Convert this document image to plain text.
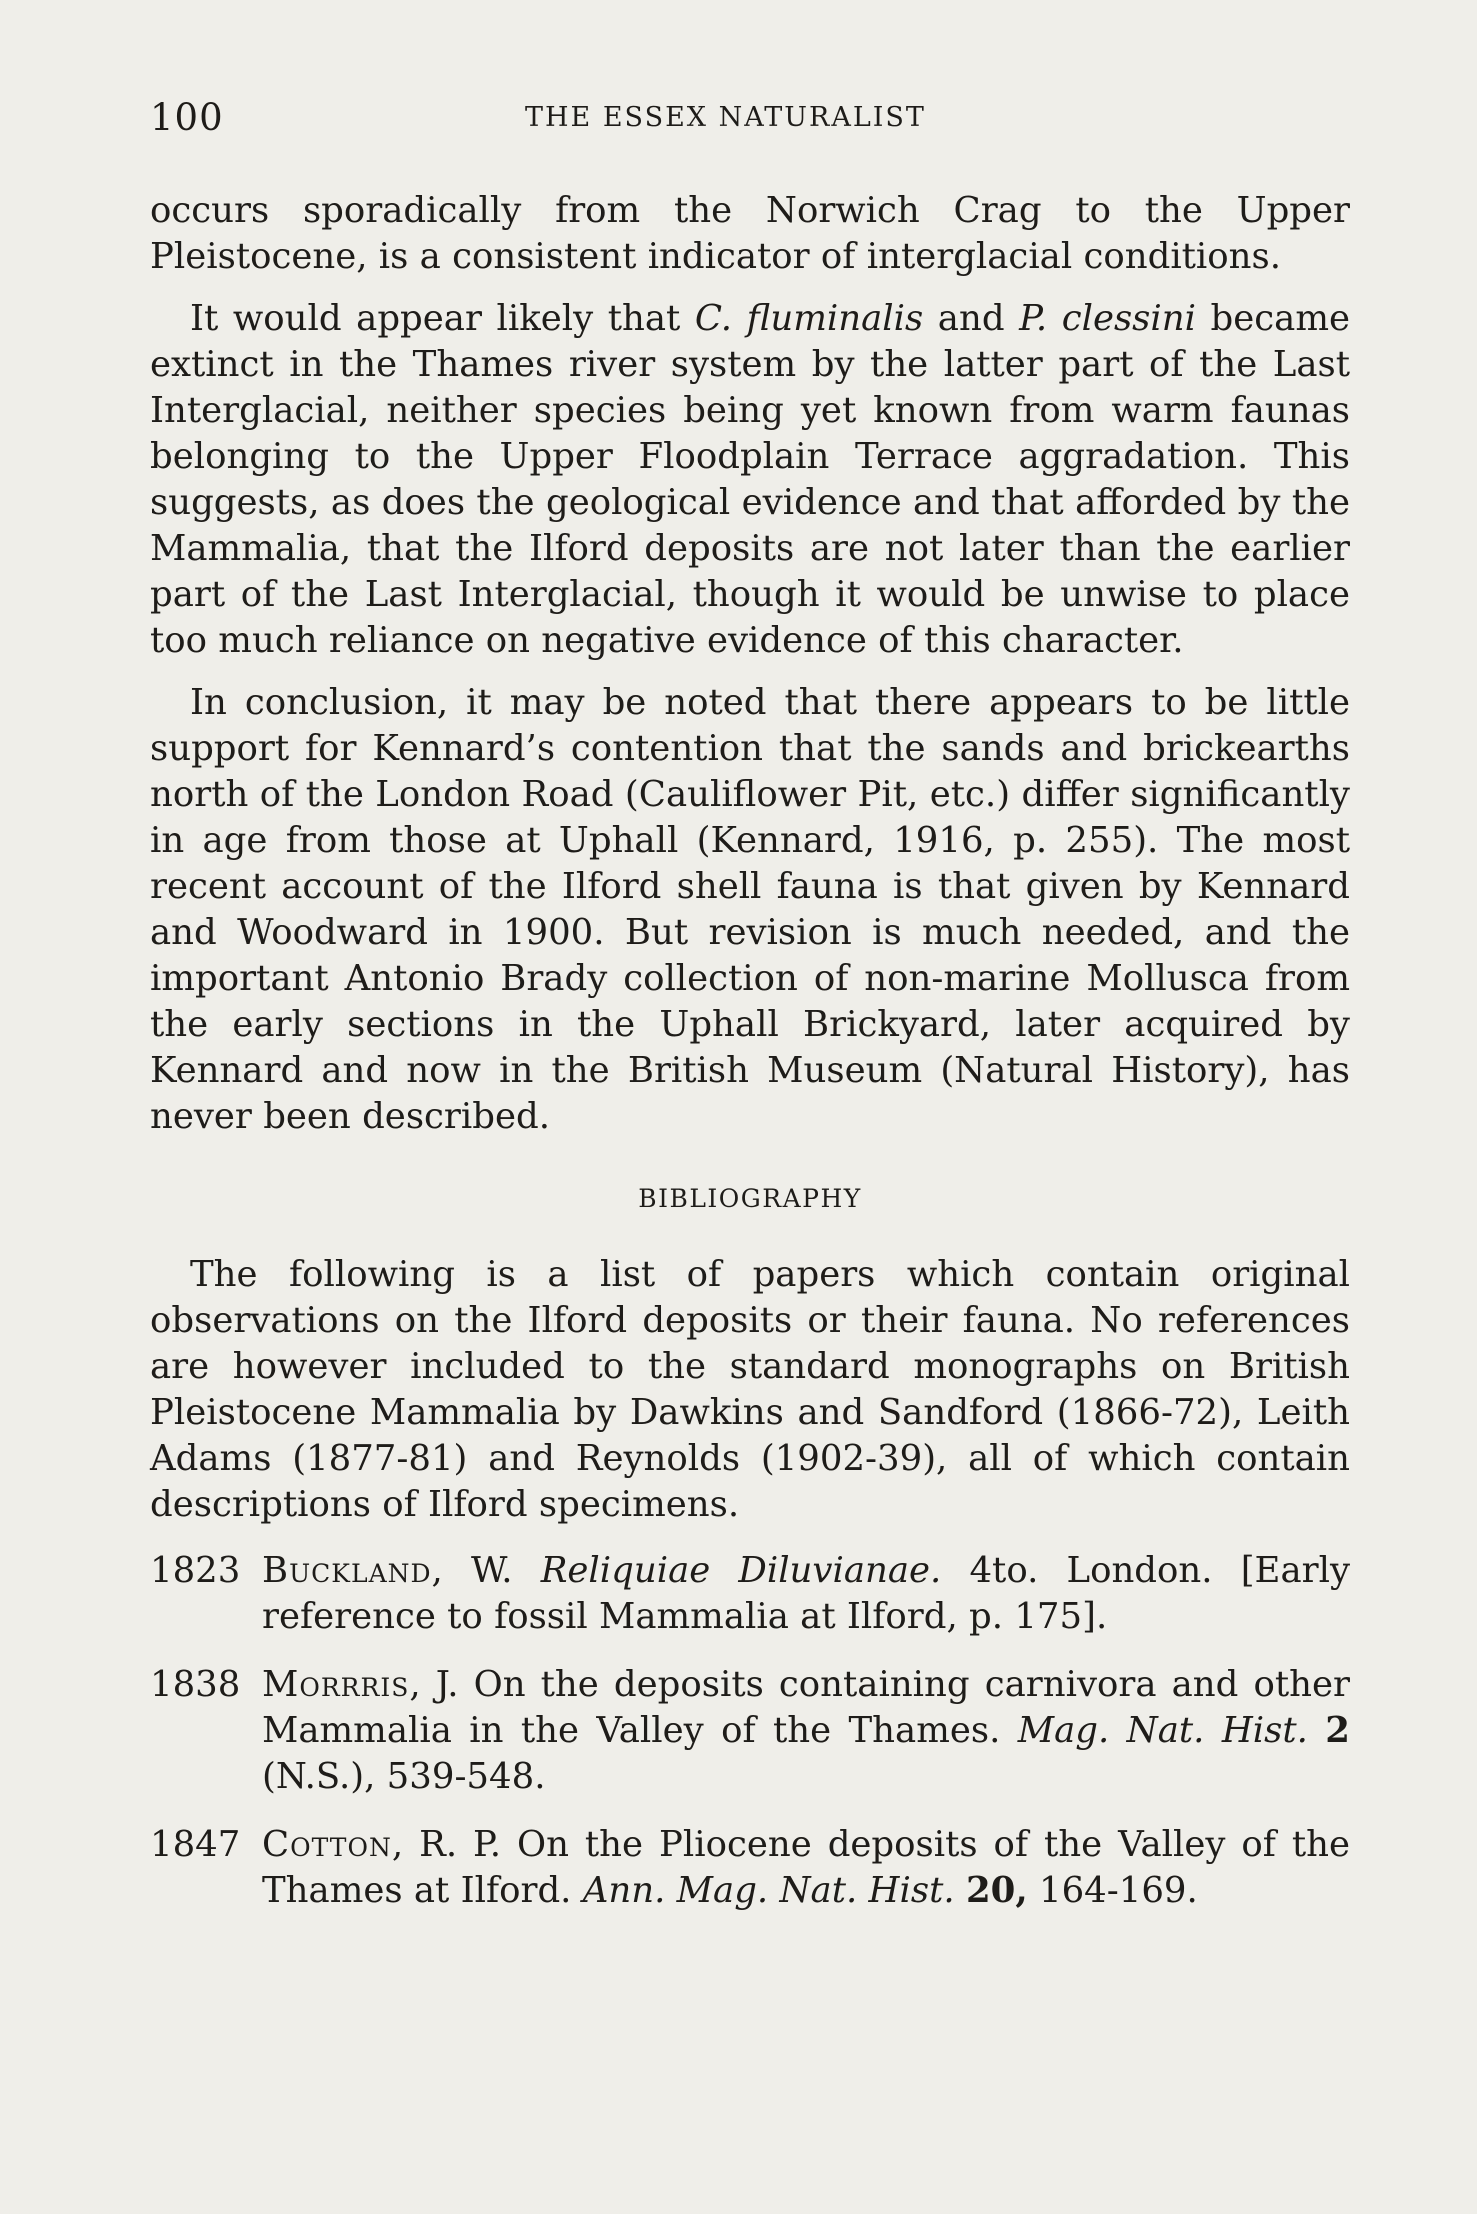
100	THE ESSEX NATURALIST

occurs sporadically from the Norwich Crag to the Upper Pleistocene, is a consistent indicator of interglacial conditions.

It would appear likely that C. fluminalis and P. clessini became extinct in the Thames river system by the latter part of the Last Interglacial, neither species being yet known from warm faunas belonging to the Upper Floodplain Terrace aggradation. This suggests, as does the geological evidence and that afforded by the Mammalia, that the Ilford deposits are not later than the earlier part of the Last Interglacial, though it would be unwise to place too much reliance on negative evidence of this character.

In conclusion, it may be noted that there appears to be little support for Kennard’s contention that the sands and brickearths north of the London Road (Cauliflower Pit, etc.) differ significantly in age from those at Uphall (Kennard, 1916, p. 255). The most recent account of the Ilford shell fauna is that given by Kennard and Woodward in 1900. But revision is much needed, and the important Antonio Brady collection of non-marine Mollusca from the early sections in the Uphall Brickyard, later acquired by Kennard and now in the British Museum (Natural History), has never been described.

BIBLIOGRAPHY

The following is a list of papers which contain original observations on the Ilford deposits or their fauna. No references are however included to the standard monographs on British Pleistocene Mammalia by Dawkins and Sandford (1866-72), Leith Adams (1877-81) and Reynolds (1902-39), all of which contain descriptions of Ilford specimens.

1823 Buckland, W. Reliquiae Diluvianae. 4to. London. [Early reference to fossil Mammalia at Ilford, p. 175].
1838 Morrris, J. On the deposits containing carnivora and other Mammalia in the Valley of the Thames. Mag. Nat. Hist. 2 (N.S.), 539-548.
1847 Cotton, R. P. On the Pliocene deposits of the Valley of the Thames at Ilford. Ann. Mag. Nat. Hist. 20, 164-169.
